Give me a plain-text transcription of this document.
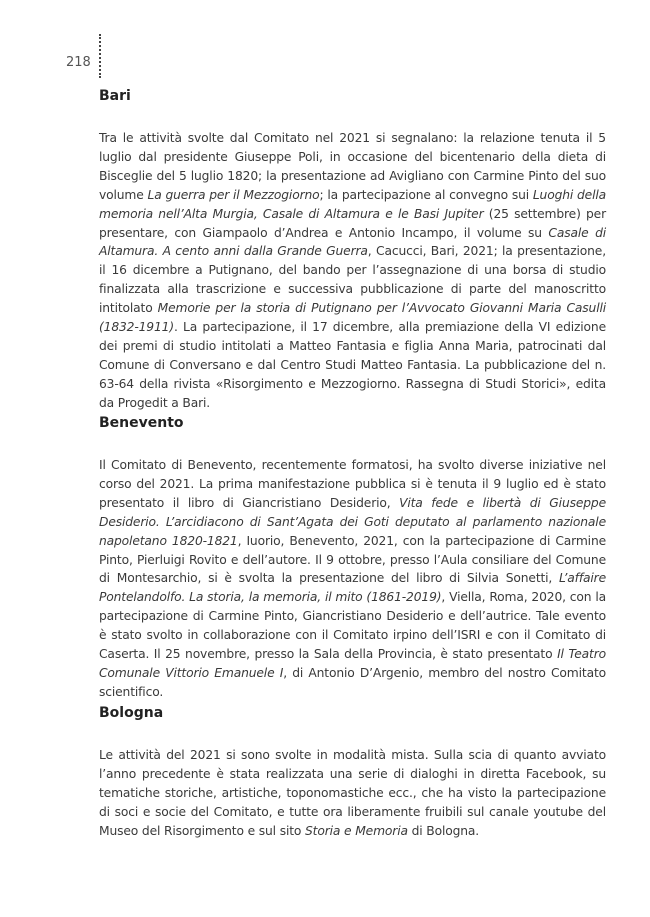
218
Bari

Tra le attività svolte dal Comitato nel 2021 si segnalano: la relazione tenuta il 5 luglio dal presidente Giuseppe Poli, in occasione del bicentenario della dieta di Bisceglie del 5 luglio 1820; la presentazione ad Avigliano con Carmine Pinto del suo volume La guerra per il Mezzogiorno; la partecipazione al convegno sui Luoghi della memoria nell’Alta Murgia, Casale di Altamura e le Basi Jupiter (25 settembre) per presentare, con Giampaolo d’Andrea e Antonio Incampo, il volume su Casale di Altamura. A cento anni dalla Grande Guerra, Cacucci, Bari, 2021; la presentazione, il 16 dicembre a Putignano, del bando per l’assegnazione di una borsa di studio finalizzata alla trascrizione e successiva pubblicazione di parte del manoscritto intitolato Memorie per la storia di Putignano per l’Avvocato Giovanni Maria Casulli (1832-1911). La partecipazione, il 17 dicembre, alla premiazione della VI edizione dei premi di studio intitolati a Matteo Fantasia e figlia Anna Maria, patrocinati dal Comune di Conversano e dal Centro Studi Matteo Fantasia. La pubblicazione del n. 63-64 della rivista «Risorgimento e Mezzogiorno. Rassegna di Studi Storici», edita da Progedit a Bari.

Benevento

Il Comitato di Benevento, recentemente formatosi, ha svolto diverse iniziative nel corso del 2021. La prima manifestazione pubblica si è tenuta il 9 luglio ed è stato presentato il libro di Giancristiano Desiderio, Vita fede e libertà di Giuseppe Desiderio. L’arcidiacono di Sant’Agata dei Goti deputato al parlamento nazionale napoletano 1820-1821, Iuorio, Benevento, 2021, con la partecipazione di Carmine Pinto, Pierluigi Rovito e dell’autore. Il 9 ottobre, presso l’Aula consiliare del Comune di Montesarchio, si è svolta la presentazione del libro di Silvia Sonetti, L’affaire Pontelandolfo. La storia, la memoria, il mito (1861-2019), Viella, Roma, 2020, con la partecipazione di Carmine Pinto, Giancristiano Desiderio e dell’autrice. Tale evento è stato svolto in collaborazione con il Comitato irpino dell’ISRI e con il Comitato di Caserta. Il 25 novembre, presso la Sala della Provincia, è stato presentato Il Teatro Comunale Vittorio Emanuele I, di Antonio D’Argenio, membro del nostro Comitato scientifico.

Bologna

Le attività del 2021 si sono svolte in modalità mista. Sulla scia di quanto avviato l’anno precedente è stata realizzata una serie di dialoghi in diretta Facebook, su tematiche storiche, artistiche, toponomastiche ecc., che ha visto la partecipazione di soci e socie del Comitato, e tutte ora liberamente fruibili sul canale youtube del Museo del Risorgimento e sul sito Storia e Memoria di Bologna.
